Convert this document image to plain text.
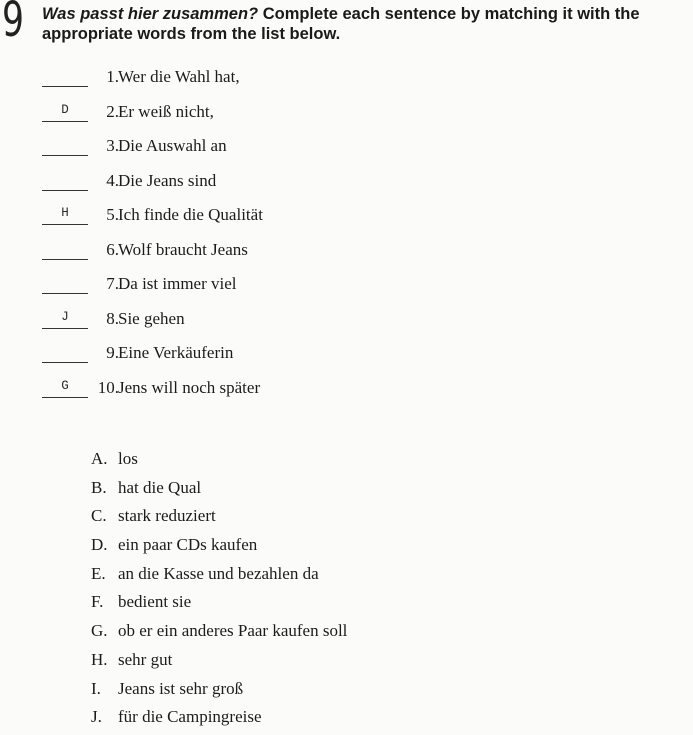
9 Was passt hier zusammen? Complete each sentence by matching it with the appropriate words from the list below.
1. Wer die Wahl hat,
D	2. Er weiß nicht,
3. Die Auswahl an
4. Die Jeans sind
H	5. Ich finde die Qualität
6. Wolf braucht Jeans
7. Da ist immer viel
J	8. Sie gehen
9. Eine Verkäuferin
G	10. Jens will noch später
A. los
B. hat die Qual
C. stark reduziert
D. ein paar CDs kaufen
E. an die Kasse und bezahlen da
F. bedient sie
G. ob er ein anderes Paar kaufen soll
H. sehr gut
I. Jeans ist sehr groß
J. für die Campingreise
